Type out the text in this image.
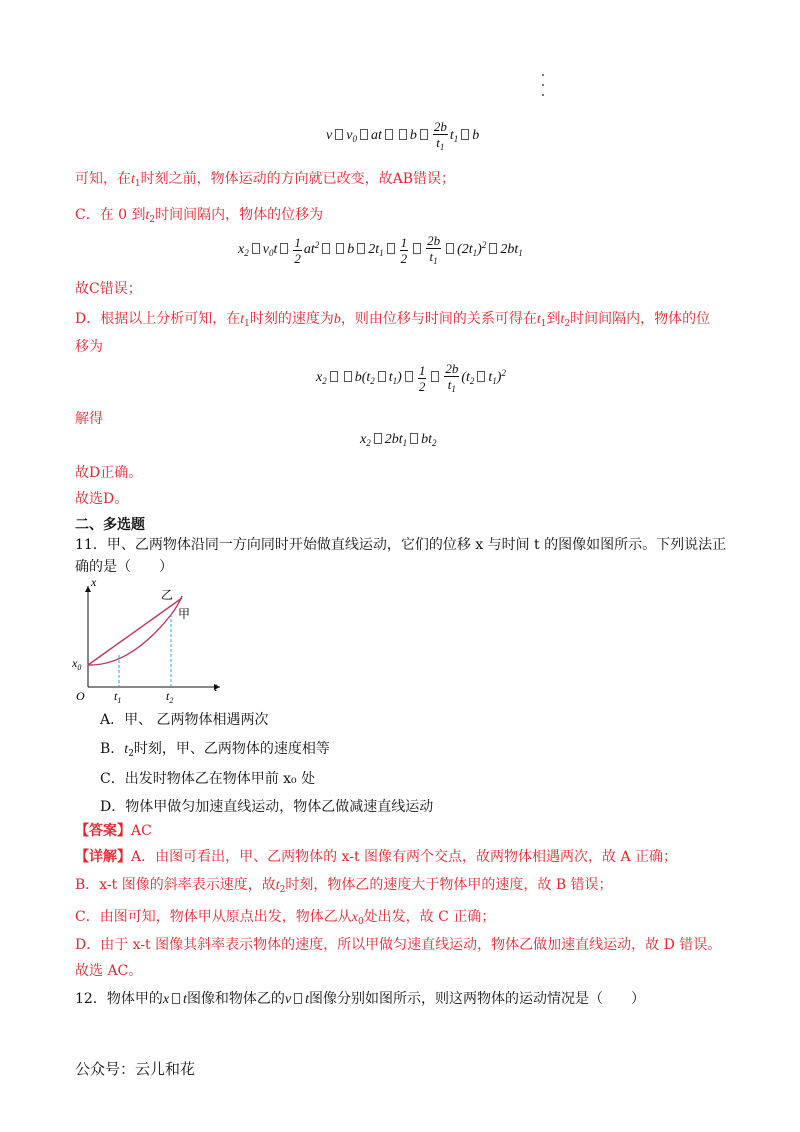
v $v_0$ at b $\frac{2b}{t_1} t_1$ b
可知，在$t_1$时刻之前，物体运动的方向就已改变，故AB错误；
C．在 0 到$t_2$时间间隔内，物体的位移为
$x_2$ $v_0t \frac{1}{2} at^2$ b $2t_1 \frac{1}{2} \frac{2b}{t_1} (2t_1)^2$ $2bt_1$
故C错误；
D．根据以上分析可知，在$t_1$时刻的速度为b，则由位移与时间的关系可得在$t_1$到$t_2$时间间隔内，物体的位
移为
$x_2$ $b(t_2$ $t_1) \frac{1}{2} \frac{2b}{t_1} (t_2$ $t_1)^2$
解得
$x_2$ $2bt_1$ $bt_2$
故D正确。
故选D。
二、多选题
11．甲、乙两物体沿同一方向同时开始做直线运动，它们的位移 x 与时间 t 的图像如图所示。下列说法正
确的是（　　）
x
t
O
$x_0$
$t_1$	$t_2$
乙
甲
A．甲、 乙两物体相遇两次
B．$t_2$时刻，甲、乙两物体的速度相等
C．出发时物体乙在物体甲前 x₀ 处
D．物体甲做匀加速直线运动，物体乙做减速直线运动
【答案】AC
【详解】A．由图可看出，甲、乙两物体的 x-t 图像有两个交点，故两物体相遇两次，故 A 正确；
B．x-t 图像的斜率表示速度，故$t_2$时刻，物体乙的速度大于物体甲的速度，故 B 错误；
C．由图可知，物体甲从原点出发，物体乙从$x_0$处出发，故 C 正确；
D．由于 x-t 图像其斜率表示物体的速度，所以甲做匀速直线运动，物体乙做加速直线运动，故 D 错误。
故选 AC。
12．物体甲的x t图像和物体乙的v t图像分别如图所示，则这两物体的运动情况是（　　）
公众号：云儿和花
